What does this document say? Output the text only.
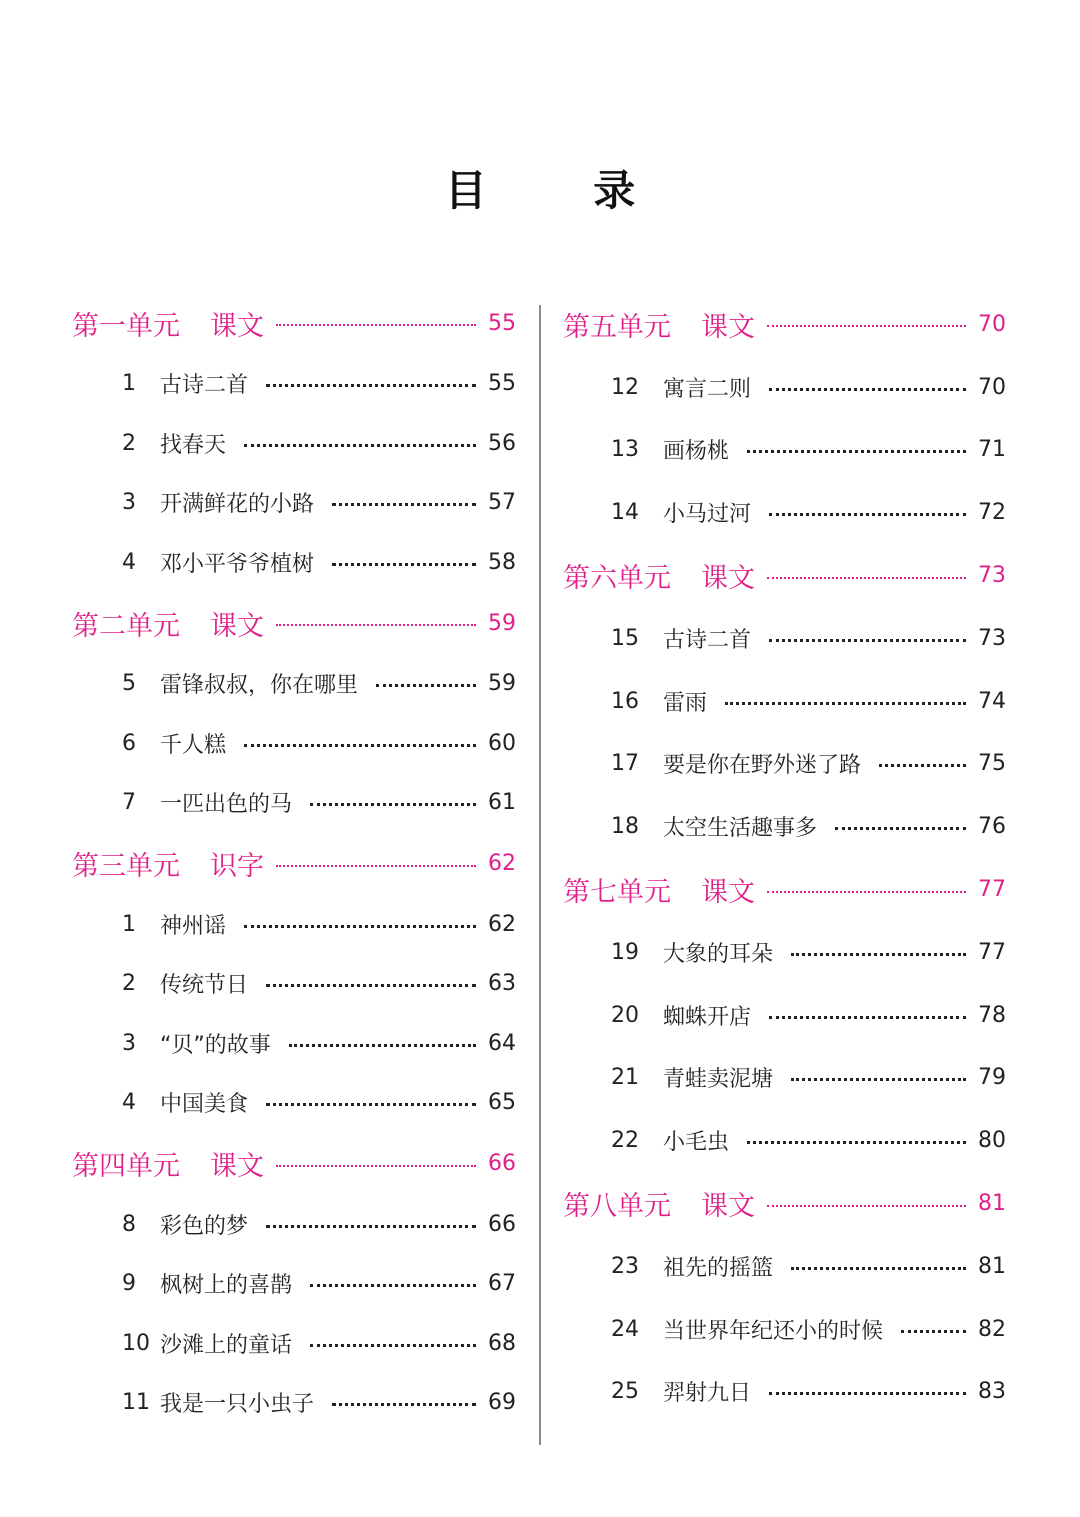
目 录
第一单元 课文	55
1	古诗二首	55
2	找春天	56
3	开满鲜花的小路	57
4	邓小平爷爷植树	58
第二单元 课文	59
5	雷锋叔叔，你在哪里	59
6	千人糕	60
7	一匹出色的马	61
第三单元 识字	62
1	神州谣	62
2	传统节日	63
3	“贝”的故事	64
4	中国美食	65
第四单元 课文	66
8	彩色的梦	66
9	枫树上的喜鹊	67
10 沙滩上的童话	68
11 我是一只小虫子	69
第五单元 课文	70
12	寓言二则	70
13	画杨桃	71
14	小马过河	72
第六单元 课文	73
15	古诗二首	73
16	雷雨	74
17	要是你在野外迷了路	75
18	太空生活趣事多	76
第七单元 课文	77
19	大象的耳朵	77
20	蜘蛛开店	78
21	青蛙卖泥塘	79
22	小毛虫	80
第八单元 课文	81
23	祖先的摇篮	81
24	当世界年纪还小的时候	82
25	羿射九日	83
